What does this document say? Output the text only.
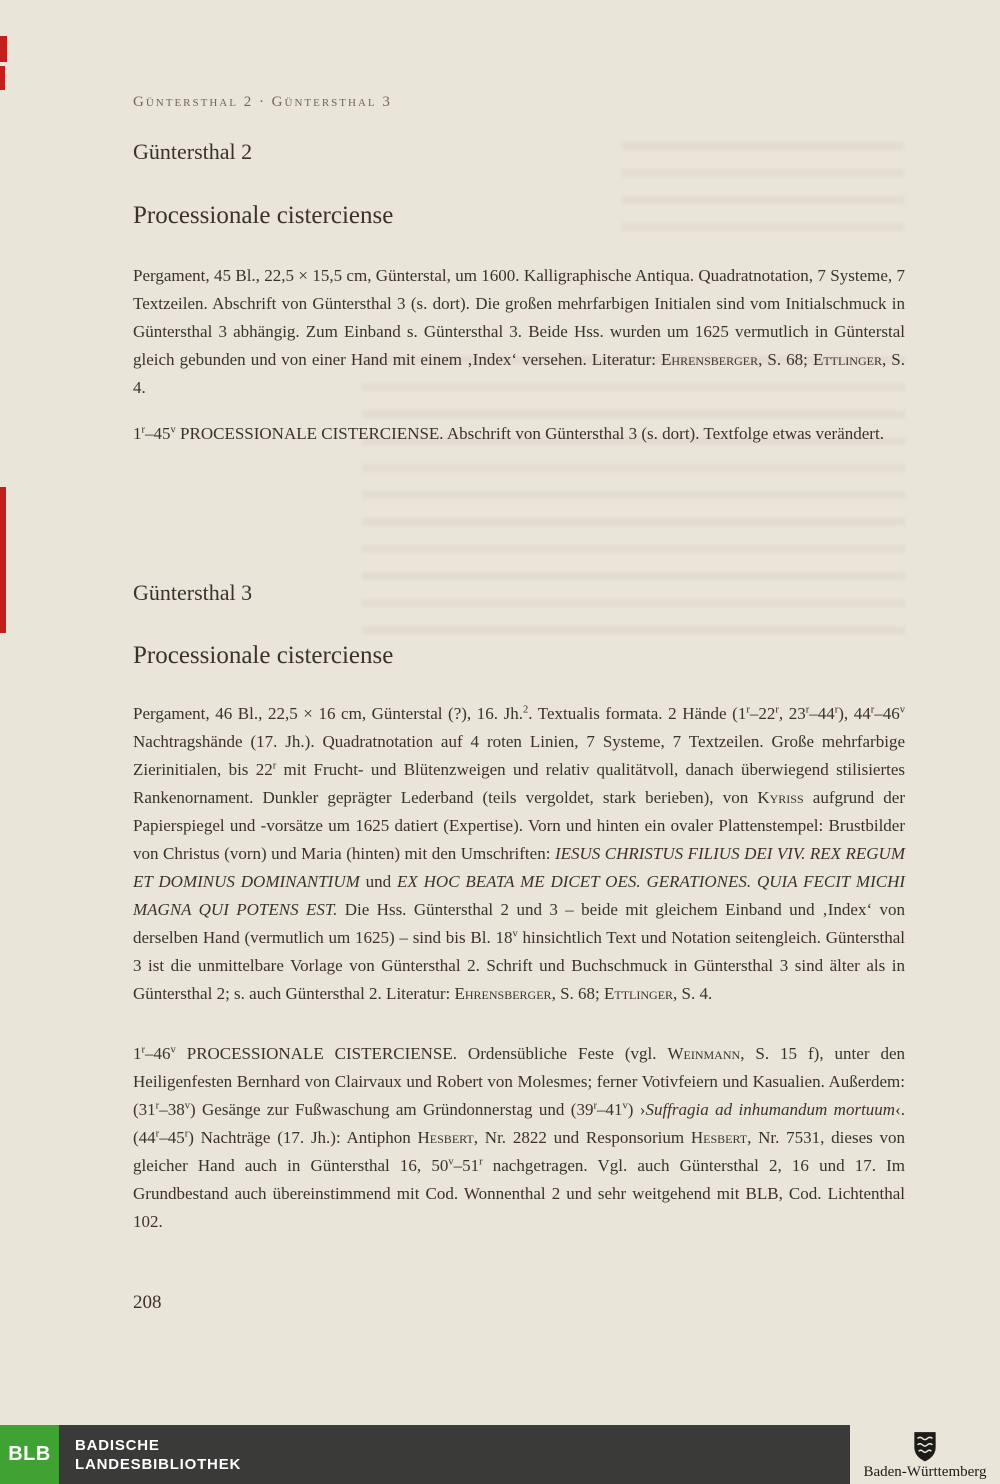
Güntersthal 2 · Güntersthal 3
Güntersthal 2
Processionale cisterciense

Pergament, 45 Bl., 22,5 × 15,5 cm, Günterstal, um 1600. Kalligraphische Antiqua. Quadratnotation, 7 Systeme, 7 Textzeilen. Abschrift von Güntersthal 3 (s. dort). Die großen mehrfarbigen Initialen sind vom Initialschmuck in Güntersthal 3 abhängig. Zum Einband s. Güntersthal 3. Beide Hss. wurden um 1625 vermutlich in Günterstal gleich gebunden und von einer Hand mit einem ‚Index‘ versehen. Literatur: Ehrensberger, S. 68; Ettlinger, S. 4.

1$^r$–45$^v$ PROCESSIONALE CISTERCIENSE. Abschrift von Güntersthal 3 (s. dort). Textfolge etwas verändert.

Güntersthal 3
Processionale cisterciense

Pergament, 46 Bl., 22,5 × 16 cm, Günterstal (?), 16. Jh.$^2$. Textualis formata. 2 Hände (1$^r$–22$^r$, 23$^r$–44$^r$), 44$^r$–46$^v$ Nachtragshände (17. Jh.). Quadratnotation auf 4 roten Linien, 7 Systeme, 7 Textzeilen. Große mehrfarbige Zierinitialen, bis 22$^r$ mit Frucht- und Blütenzweigen und relativ qualitätvoll, danach überwiegend stilisiertes Rankenornament. Dunkler geprägter Lederband (teils vergoldet, stark berieben), von Kyriss aufgrund der Papierspiegel und -vorsätze um 1625 datiert (Expertise). Vorn und hinten ein ovaler Plattenstempel: Brustbilder von Christus (vorn) und Maria (hinten) mit den Umschriften: IESUS CHRISTUS FILIUS DEI VIV. REX REGUM ET DOMINUS DOMINANTIUM und EX HOC BEATA ME DICET OES. GERATIONES. QUIA FECIT MICHI MAGNA QUI POTENS EST. Die Hss. Güntersthal 2 und 3 – beide mit gleichem Einband und ‚Index‘ von derselben Hand (vermutlich um 1625) – sind bis Bl. 18$^v$ hinsichtlich Text und Notation seitengleich. Güntersthal 3 ist die unmittelbare Vorlage von Güntersthal 2. Schrift und Buchschmuck in Güntersthal 3 sind älter als in Güntersthal 2; s. auch Güntersthal 2. Literatur: Ehrensberger, S. 68; Ettlinger, S. 4.

1$^r$–46$^v$ PROCESSIONALE CISTERCIENSE. Ordensübliche Feste (vgl. Weinmann, S. 15 f), unter den Heiligenfesten Bernhard von Clairvaux und Robert von Molesmes; ferner Votivfeiern und Kasualien. Außerdem: (31$^r$–38$^v$) Gesänge zur Fußwaschung am Gründonnerstag und (39$^r$–41$^v$) ›Suffragia ad inhumandum mortuum‹. (44$^r$–45$^r$) Nachträge (17. Jh.): Antiphon Hesbert, Nr. 2822 und Responsorium Hesbert, Nr. 7531, dieses von gleicher Hand auch in Güntersthal 16, 50$^v$–51$^r$ nachgetragen. Vgl. auch Güntersthal 2, 16 und 17. Im Grundbestand auch übereinstimmend mit Cod. Wonnenthal 2 und sehr weitgehend mit BLB, Cod. Lichtenthal 102.

208
BLB BADISCHE
LANDESBIBLIOTHEK	Baden-Württemberg
